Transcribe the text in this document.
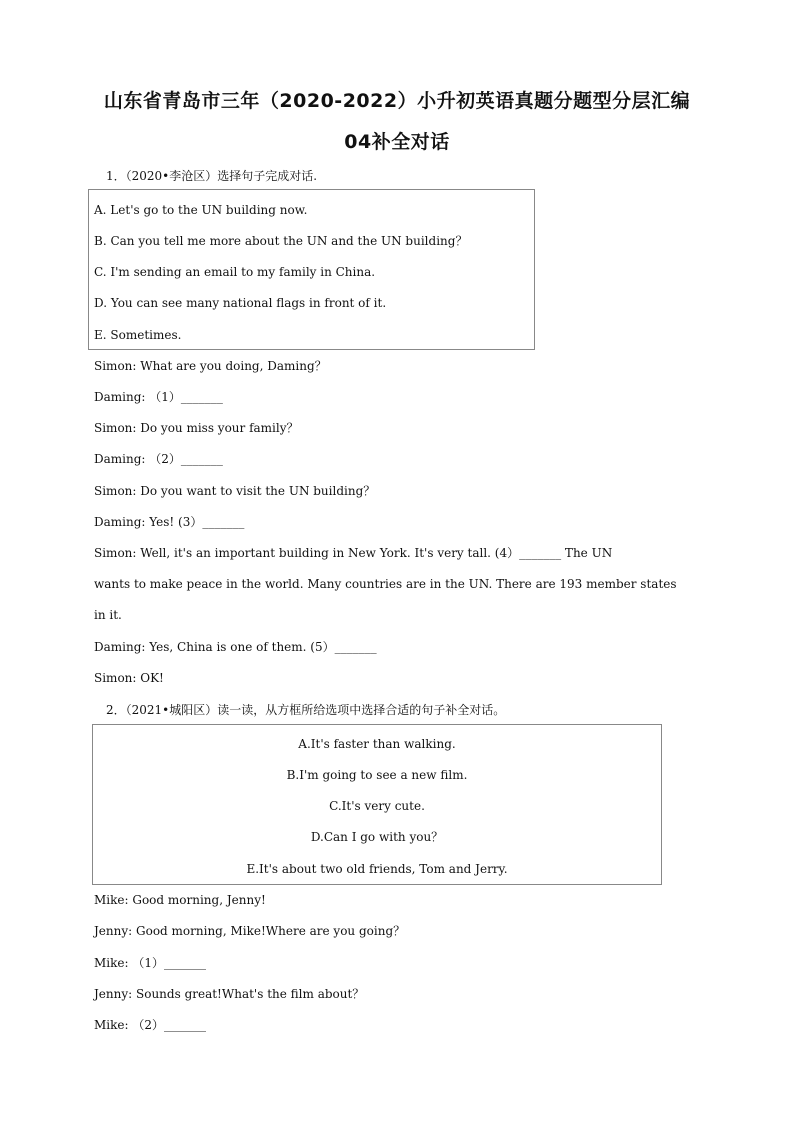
山东省青岛市三年（2020-2022）小升初英语真题分题型分层汇编
04补全对话
1．（2020•李沧区）选择句子完成对话.
A. Let's go to the UN building now.
B. Can you tell me more about the UN and the UN building？
C. I'm sending an email to my family in China.
D. You can see many national flags in front of it.
E. Sometimes.
Simon: What are you doing, Daming？
Daming: （1）_______
Simon: Do you miss your family？
Daming: （2）_______
Simon: Do you want to visit the UN building？
Daming: Yes! (3）_______
Simon: Well, it's an important building in New York. It's very tall. (4）_______ The UN
wants to make peace in the world. Many countries are in the UN. There are 193 member states
in it.
Daming: Yes, China is one of them. (5）_______
Simon: OK!
2．（2021•城阳区）读一读，从方框所给选项中选择合适的句子补全对话。
A.It's faster than walking.
B.I'm going to see a new film.
C.It's very cute.
D.Can I go with you？
E.It's about two old friends, Tom and Jerry.
Mike: Good morning, Jenny!
Jenny: Good morning, Mike!Where are you going？
Mike: （1）_______
Jenny: Sounds great!What's the film about？
Mike: （2）_______
